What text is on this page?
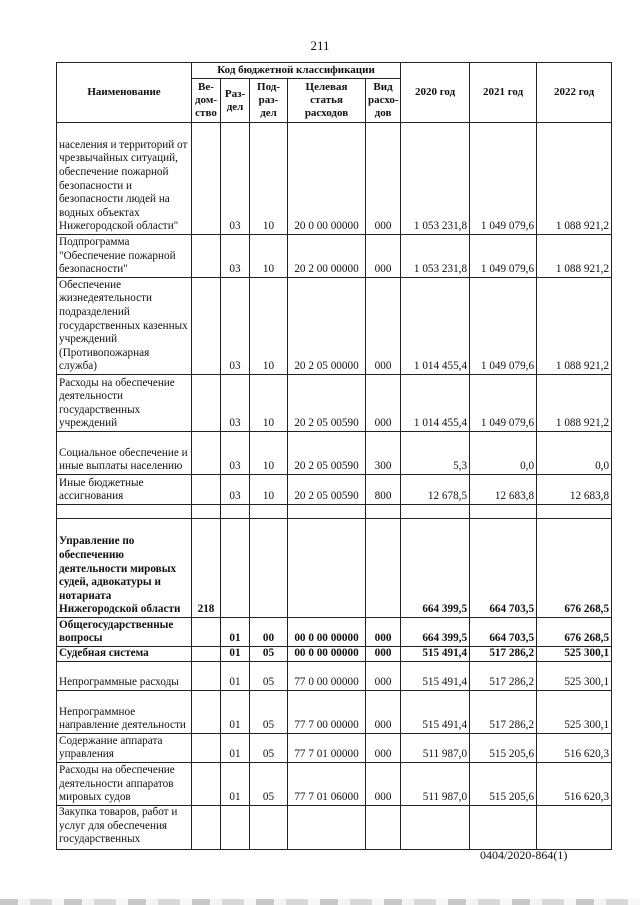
211
Наименование	Код бюджетной классификации					2020 год	2021 год	2022 год
	Ве-дом-ство	Раз-дел	Под-раз-дел	Целевая статья расходов	Вид расхо-дов			
населения и территорий от чрезвычайных ситуаций, обеспечение пожарной безопасности и безопасности людей на водных объектах Нижегородской области"		03	10	20 0 00 00000	000	1 053 231,8	1 049 079,6	1 088 921,2
Подпрограмма "Обеспечение пожарной безопасности"		03	10	20 2 00 00000	000	1 053 231,8	1 049 079,6	1 088 921,2
Обеспечение жизнедеятельности подразделений государственных казенных учреждений (Противопожарная служба)		03	10	20 2 05 00000	000	1 014 455,4	1 049 079,6	1 088 921,2
Расходы на обеспечение деятельности государственных учреждений		03	10	20 2 05 00590	000	1 014 455,4	1 049 079,6	1 088 921,2
Социальное обеспечение и иные выплаты населению		03	10	20 2 05 00590	300	5,3	0,0	0,0
Иные бюджетные ассигнования		03	10	20 2 05 00590	800	12 678,5	12 683,8	12 683,8

Управление по обеспечению деятельности мировых судей, адвокатуры и нотариата Нижегородской области	218					664 399,5	664 703,5	676 268,5
Общегосударственные вопросы		01	00	00 0 00 00000	000	664 399,5	664 703,5	676 268,5
Судебная система		01	05	00 0 00 00000	000	515 491,4	517 286,2	525 300,1
Непрограммные расходы		01	05	77 0 00 00000	000	515 491,4	517 286,2	525 300,1
Непрограммное направление деятельности		01	05	77 7 00 00000	000	515 491,4	517 286,2	525 300,1
Содержание аппарата управления		01	05	77 7 01 00000	000	511 987,0	515 205,6	516 620,3
Расходы на обеспечение деятельности аппаратов мировых судов		01	05	77 7 01 06000	000	511 987,0	515 205,6	516 620,3
Закупка товаров, работ и услуг для обеспечения государственных								
0404/2020-864(1)
